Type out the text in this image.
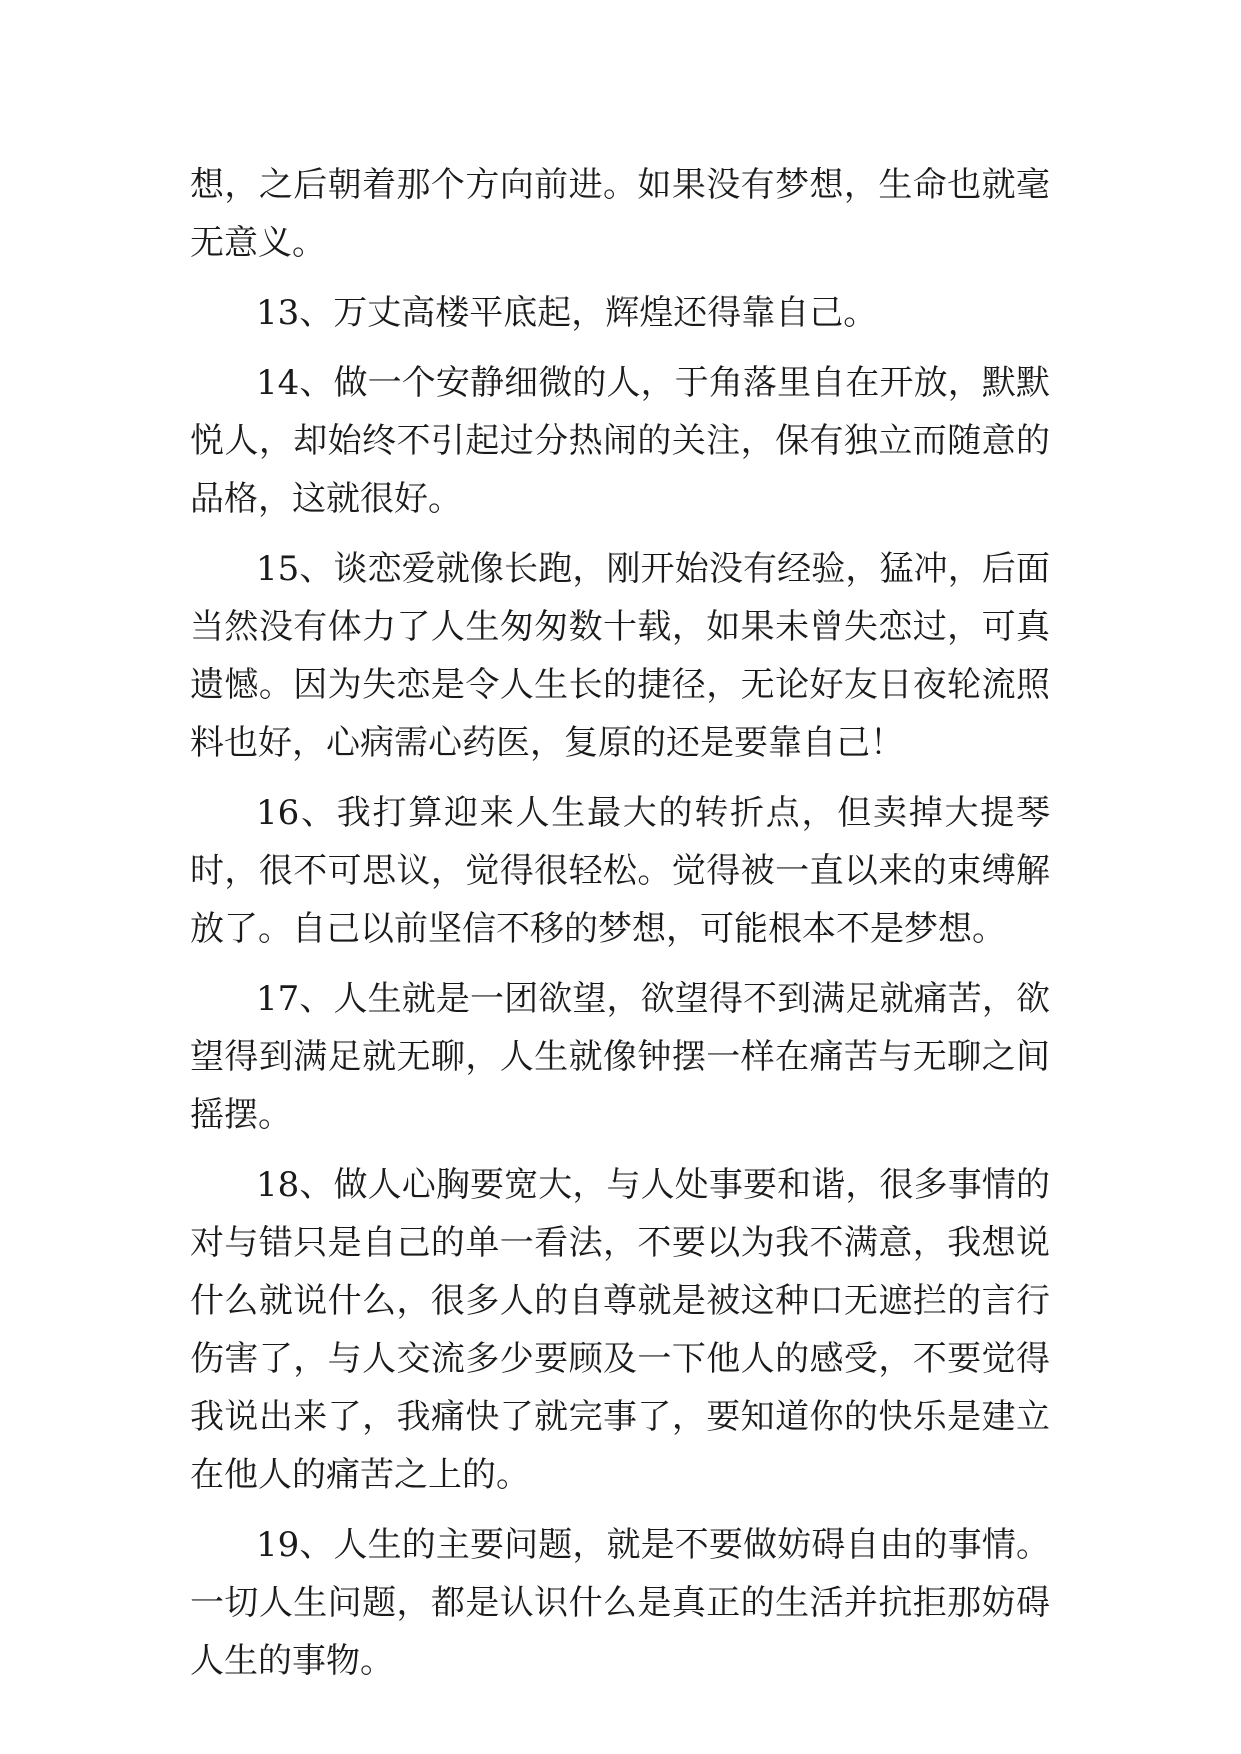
想，之后朝着那个方向前进。如果没有梦想，生命也就毫无意义。

13、万丈高楼平底起，辉煌还得靠自己。

14、做一个安静细微的人，于角落里自在开放，默默悦人，却始终不引起过分热闹的关注，保有独立而随意的品格，这就很好。

15、谈恋爱就像长跑，刚开始没有经验，猛冲，后面当然没有体力了人生匆匆数十载，如果未曾失恋过，可真遗憾。因为失恋是令人生长的捷径，无论好友日夜轮流照料也好，心病需心药医，复原的还是要靠自己！

16、我打算迎来人生最大的转折点，但卖掉大提琴时，很不可思议，觉得很轻松。觉得被一直以来的束缚解放了。自己以前坚信不移的梦想，可能根本不是梦想。

17、人生就是一团欲望，欲望得不到满足就痛苦，欲望得到满足就无聊，人生就像钟摆一样在痛苦与无聊之间摇摆。

18、做人心胸要宽大，与人处事要和谐，很多事情的对与错只是自己的单一看法，不要以为我不满意，我想说什么就说什么，很多人的自尊就是被这种口无遮拦的言行伤害了，与人交流多少要顾及一下他人的感受，不要觉得我说出来了，我痛快了就完事了，要知道你的快乐是建立在他人的痛苦之上的。

19、人生的主要问题，就是不要做妨碍自由的事情。一切人生问题，都是认识什么是真正的生活并抗拒那妨碍人生的事物。
